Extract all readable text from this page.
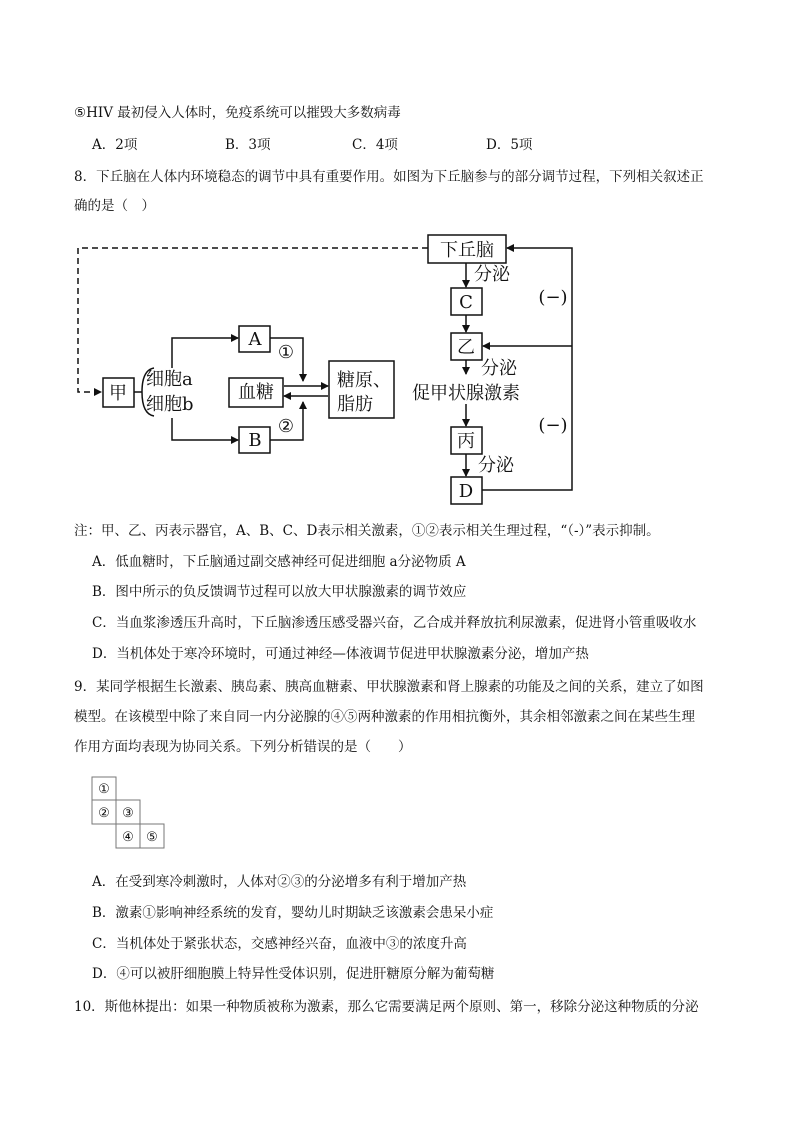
⑤HIV 最初侵入人体时，免疫系统可以摧毁大多数病毒
A．2项	B．3项	C．4项	D．5项
8．下丘脑在人体内环境稳态的调节中具有重要作用。如图为下丘脑参与的部分调节过程，下列相关叙述正
确的是（　）
下丘脑
分泌
C
乙
分泌
促甲状腺激素
丙
分泌
D
(−)
(−)
甲
细胞a
细胞b
A
B
①
②
血糖
糖原、
脂肪
注：甲、乙、丙表示器官，A、B、C、D表示相关激素，①②表示相关生理过程，“（-）”表示抑制。
A．低血糖时，下丘脑通过副交感神经可促进细胞 a分泌物质 A
B．图中所示的负反馈调节过程可以放大甲状腺激素的调节效应
C．当血浆渗透压升高时，下丘脑渗透压感受器兴奋，乙合成并释放抗利尿激素，促进肾小管重吸收水
D．当机体处于寒冷环境时，可通过神经—体液调节促进甲状腺激素分泌，增加产热
9．某同学根据生长激素、胰岛素、胰高血糖素、甲状腺激素和肾上腺素的功能及之间的关系，建立了如图
模型。在该模型中除了来自同一内分泌腺的④⑤两种激素的作用相抗衡外，其余相邻激素之间在某些生理
作用方面均表现为协同关系。下列分析错误的是（　　）
①
② ③
④ ⑤
A．在受到寒冷刺激时，人体对②③的分泌增多有利于增加产热
B．激素①影响神经系统的发育，婴幼儿时期缺乏该激素会患呆小症
C．当机体处于紧张状态，交感神经兴奋，血液中③的浓度升高
D．④可以被肝细胞膜上特异性受体识别，促进肝糖原分解为葡萄糖
10．斯他林提出：如果一种物质被称为激素，那么它需要满足两个原则、第一，移除分泌这种物质的分泌
